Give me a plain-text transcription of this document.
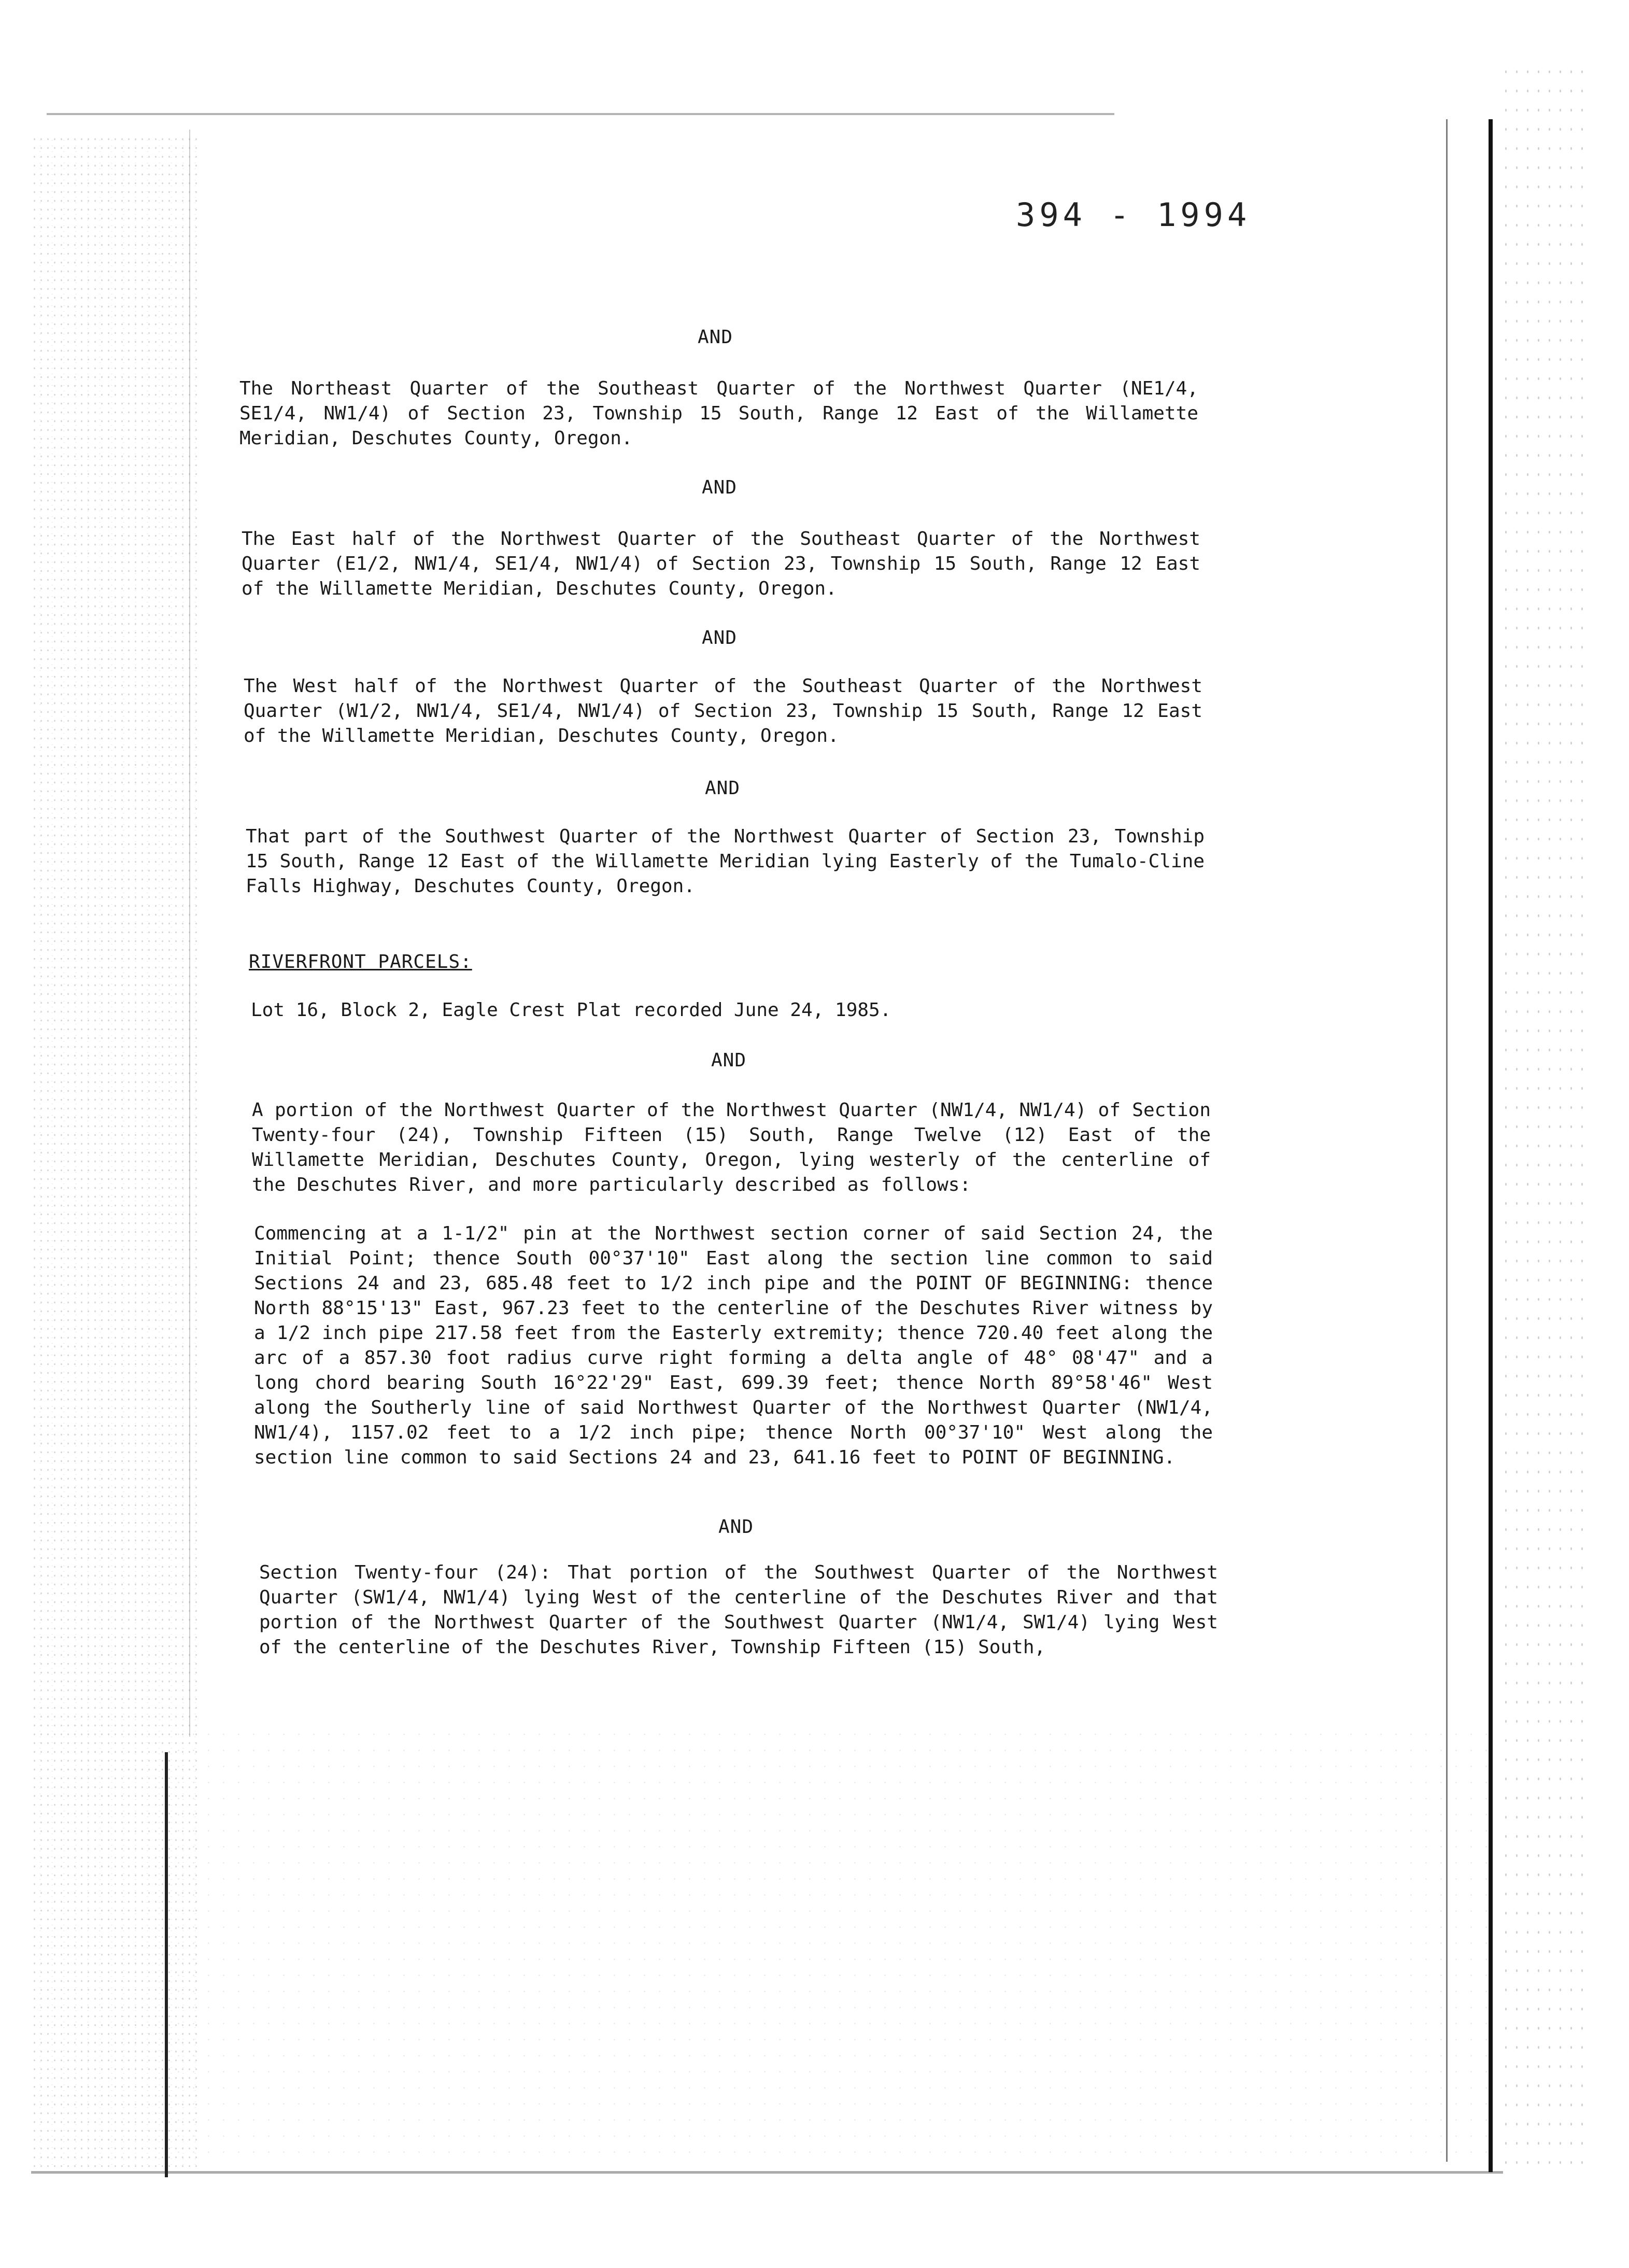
394 - 1994
AND

The Northeast Quarter of the Southeast Quarter of the Northwest Quarter (NE1/4, SE1/4, NW1/4) of Section 23, Township 15 South, Range 12 East of the Willamette Meridian, Deschutes County, Oregon.

AND

The East half of the Northwest Quarter of the Southeast Quarter of the Northwest Quarter (E1/2, NW1/4, SE1/4, NW1/4) of Section 23, Township 15 South, Range 12 East of the Willamette Meridian, Deschutes County, Oregon.

AND

The West half of the Northwest Quarter of the Southeast Quarter of the Northwest Quarter (W1/2, NW1/4, SE1/4, NW1/4) of Section 23, Township 15 South, Range 12 East of the Willamette Meridian, Deschutes County, Oregon.

AND

That part of the Southwest Quarter of the Northwest Quarter of Section 23, Township 15 South, Range 12 East of the Willamette Meridian lying Easterly of the Tumalo-Cline Falls Highway, Deschutes County, Oregon.

RIVERFRONT PARCELS:

Lot 16, Block 2, Eagle Crest Plat recorded June 24, 1985.

AND

A portion of the Northwest Quarter of the Northwest Quarter (NW1/4, NW1/4) of Section Twenty-four (24), Township Fifteen (15) South, Range Twelve (12) East of the Willamette Meridian, Deschutes County, Oregon, lying westerly of the centerline of the Deschutes River, and more particularly described as follows:

Commencing at a 1-1/2" pin at the Northwest section corner of said Section 24, the Initial Point; thence South 00°37'10" East along the section line common to said Sections 24 and 23, 685.48 feet to 1/2 inch pipe and the POINT OF BEGINNING: thence North 88°15'13" East, 967.23 feet to the centerline of the Deschutes River witness by a 1/2 inch pipe 217.58 feet from the Easterly extremity; thence 720.40 feet along the arc of a 857.30 foot radius curve right forming a delta angle of 48° 08'47" and a long chord bearing South 16°22'29" East, 699.39 feet; thence North 89°58'46" West along the Southerly line of said Northwest Quarter of the Northwest Quarter (NW1/4, NW1/4), 1157.02 feet to a 1/2 inch pipe; thence North 00°37'10" West along the section line common to said Sections 24 and 23, 641.16 feet to POINT OF BEGINNING.

AND

Section Twenty-four (24): That portion of the Southwest Quarter of the Northwest Quarter (SW1/4, NW1/4) lying West of the centerline of the Deschutes River and that portion of the Northwest Quarter of the Southwest Quarter (NW1/4, SW1/4) lying West of the centerline of the Deschutes River, Township Fifteen (15) South,
